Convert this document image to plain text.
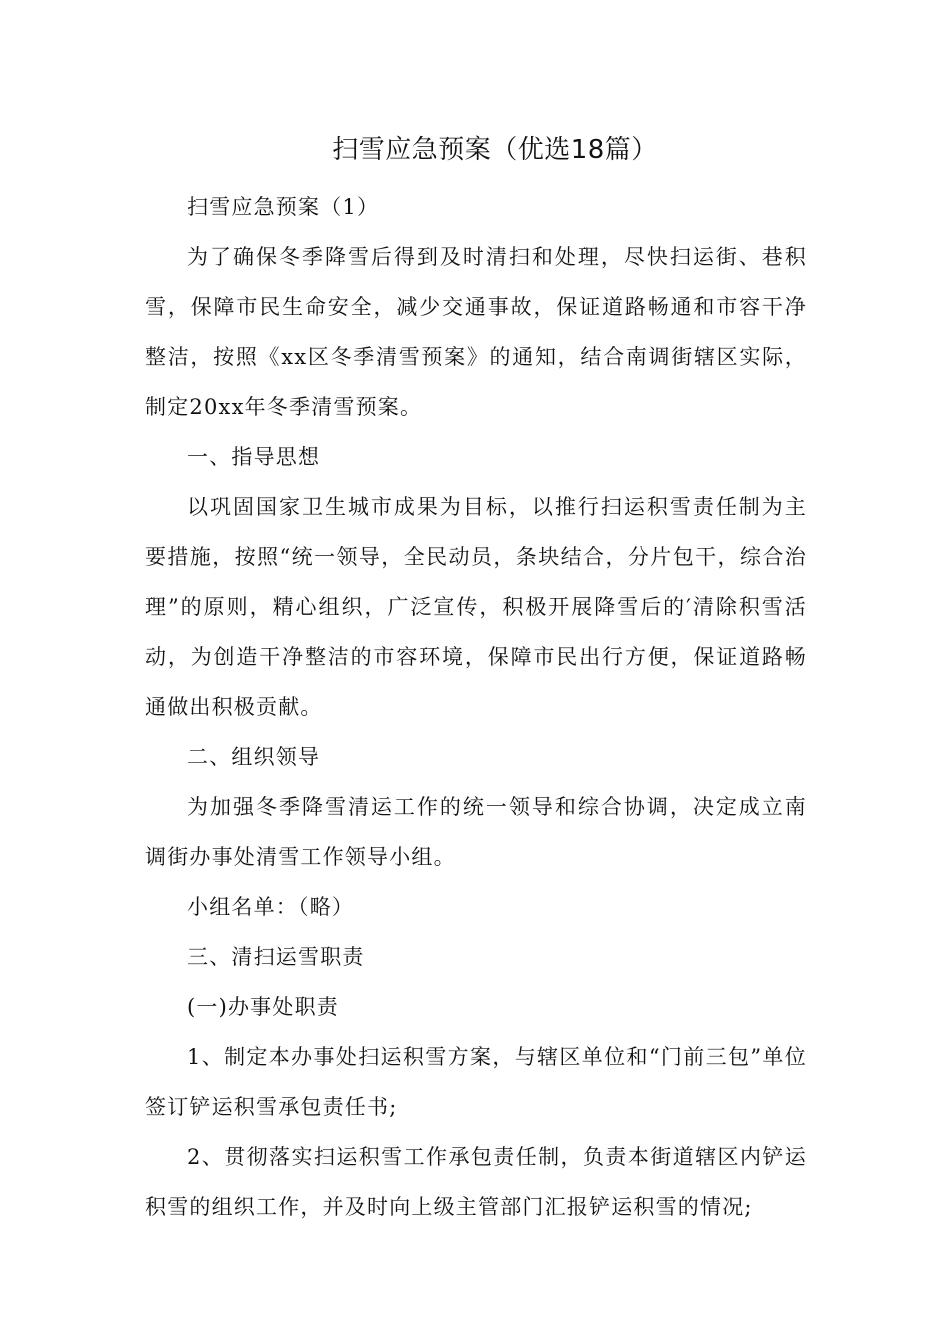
扫雪应急预案（优选18篇）

扫雪应急预案（1）

为了确保冬季降雪后得到及时清扫和处理，尽快扫运街、巷积雪，保障市民生命安全，减少交通事故，保证道路畅通和市容干净整洁，按照《xx区冬季清雪预案》的通知，结合南调街辖区实际，制定20xx年冬季清雪预案。

一、指导思想

以巩固国家卫生城市成果为目标，以推行扫运积雪责任制为主要措施，按照“统一领导，全民动员，条块结合，分片包干，综合治理”的原则，精心组织，广泛宣传，积极开展降雪后的′清除积雪活动，为创造干净整洁的市容环境，保障市民出行方便，保证道路畅通做出积极贡献。

二、组织领导

为加强冬季降雪清运工作的统一领导和综合协调，决定成立南调街办事处清雪工作领导小组。

小组名单：（略）

三、清扫运雪职责

(一)办事处职责

1、制定本办事处扫运积雪方案，与辖区单位和“门前三包”单位签订铲运积雪承包责任书;

2、贯彻落实扫运积雪工作承包责任制，负责本街道辖区内铲运积雪的组织工作，并及时向上级主管部门汇报铲运积雪的情况;
